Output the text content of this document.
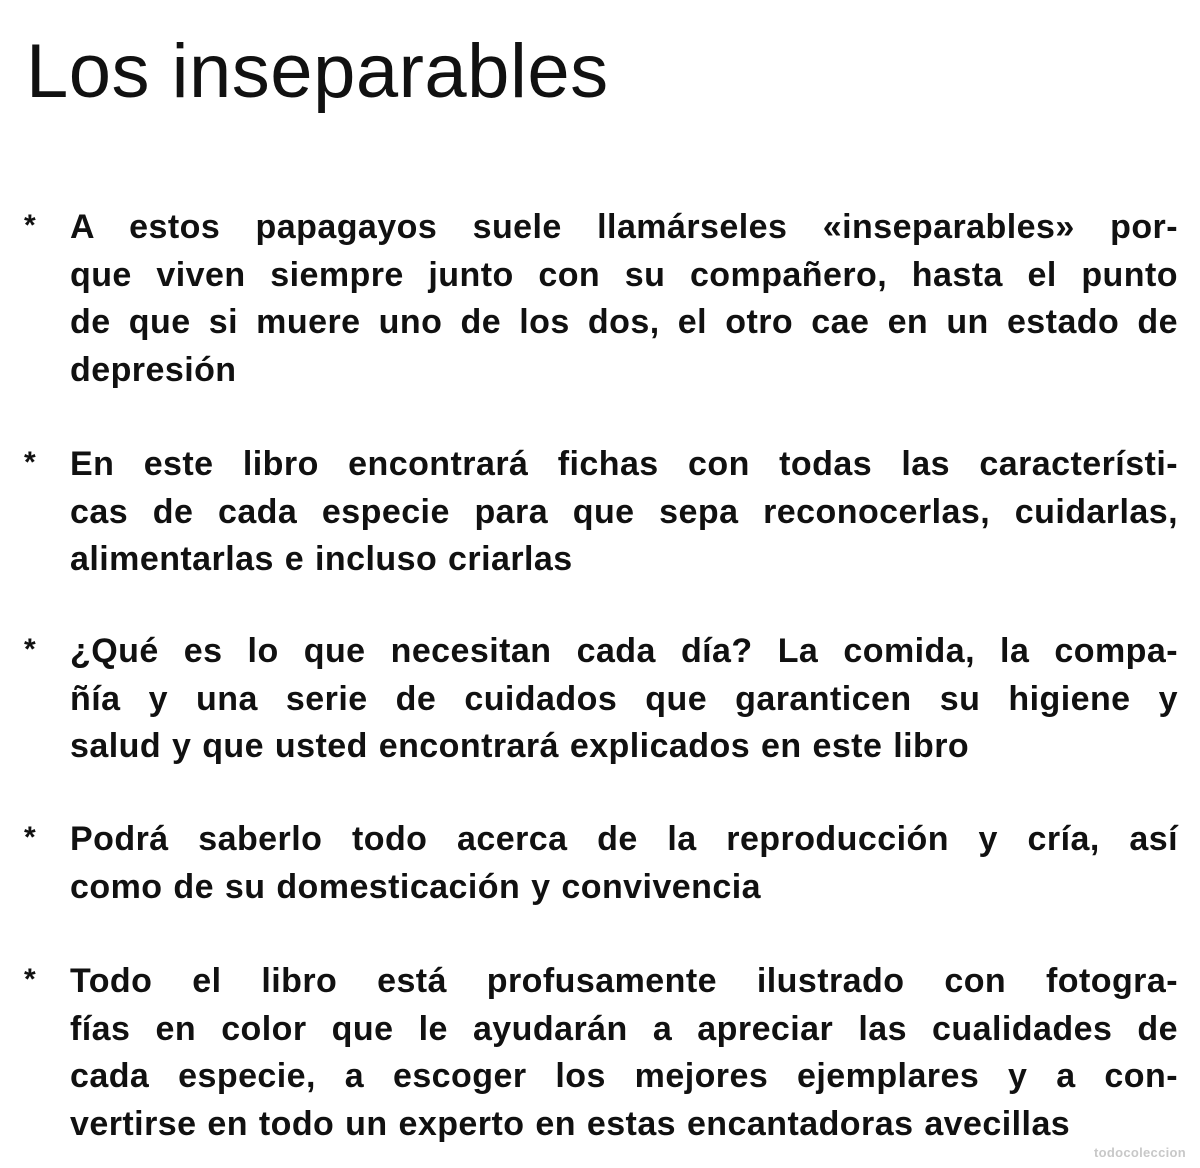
Los inseparables
* A estos papagayos suele llamárseles «inseparables» por-
que viven siempre junto con su compañero, hasta el punto
de que si muere uno de los dos, el otro cae en un estado de
depresión

* En este libro encontrará fichas con todas las característi-
cas de cada especie para que sepa reconocerlas, cuidarlas,
alimentarlas e incluso criarlas

* ¿Qué es lo que necesitan cada día? La comida, la compa-
ñía y una serie de cuidados que garanticen su higiene y
salud y que usted encontrará explicados en este libro

* Podrá saberlo todo acerca de la reproducción y cría, así
como de su domesticación y convivencia

* Todo el libro está profusamente ilustrado con fotogra-
fías en color que le ayudarán a apreciar las cualidades de
cada especie, a escoger los mejores ejemplares y a con-
vertirse en todo un experto en estas encantadoras avecillas

todocoleccion
